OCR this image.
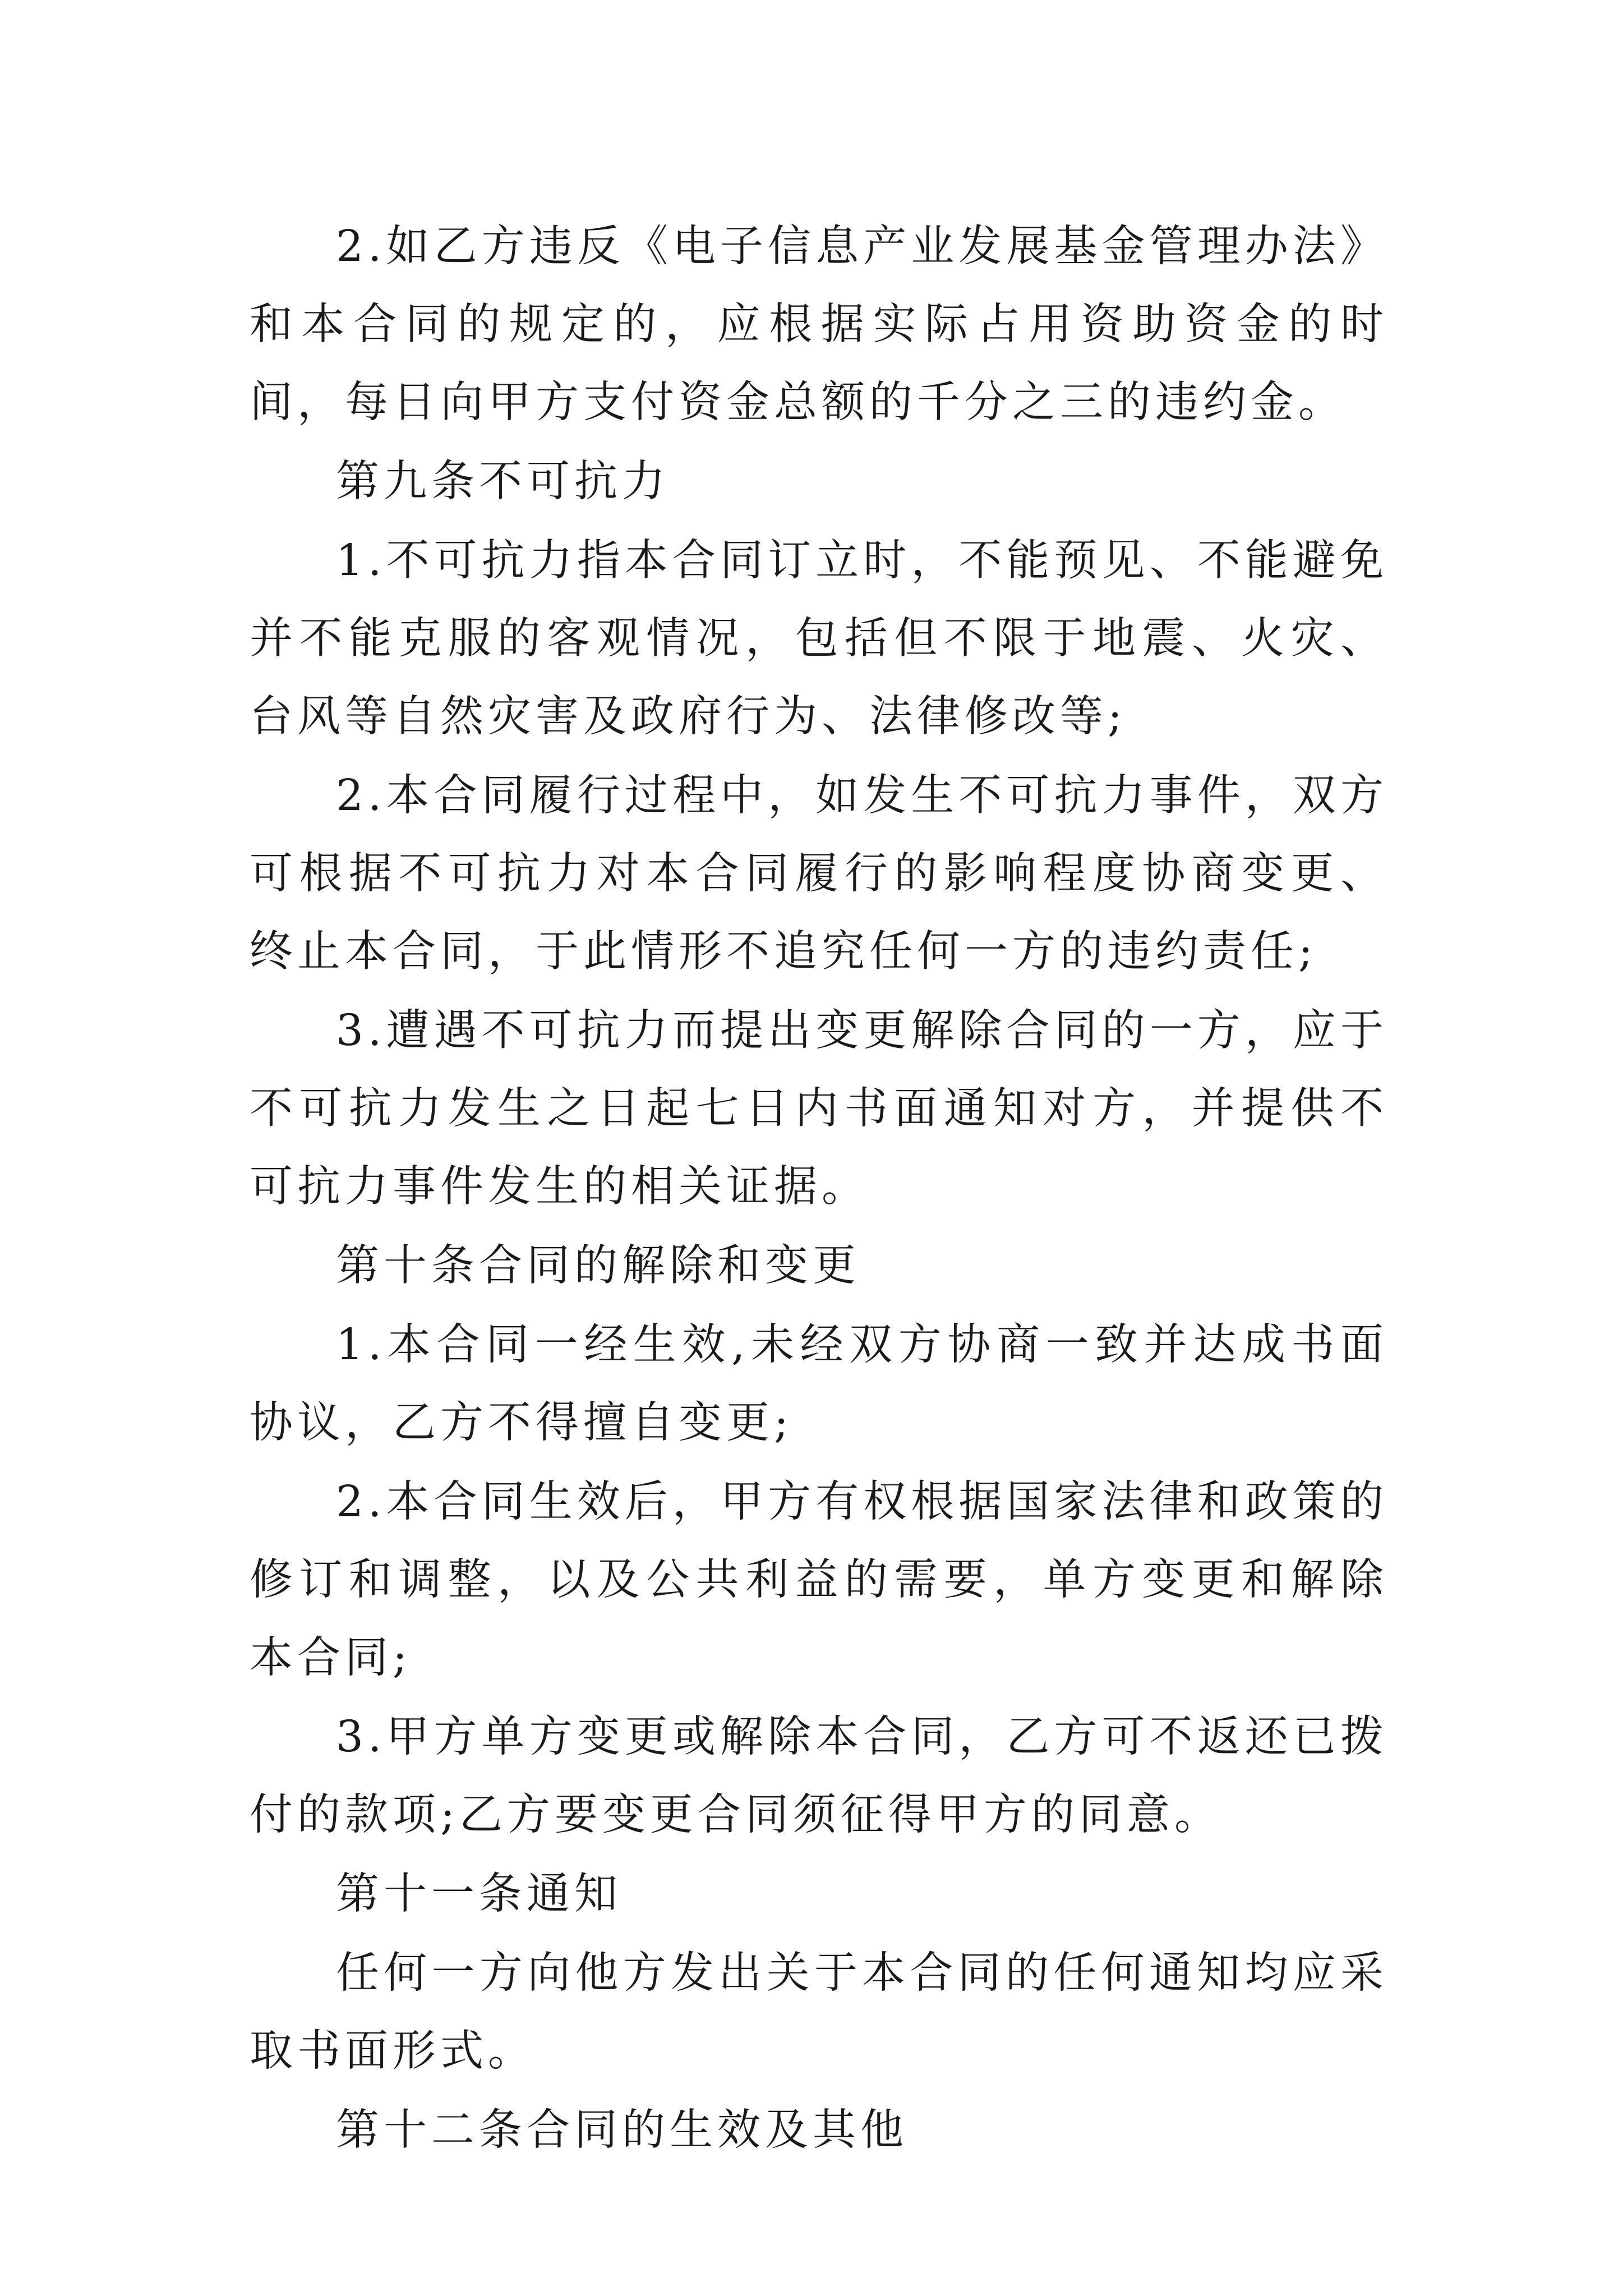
2.如乙方违反《电子信息产业发展基金管理办法》和本合同的规定的，应根据实际占用资助资金的时间，每日向甲方支付资金总额的千分之三的违约金。

第九条不可抗力

1.不可抗力指本合同订立时，不能预见、不能避免并不能克服的客观情况，包括但不限于地震、火灾、台风等自然灾害及政府行为、法律修改等;

2.本合同履行过程中，如发生不可抗力事件，双方可根据不可抗力对本合同履行的影响程度协商变更、终止本合同，于此情形不追究任何一方的违约责任;

3.遭遇不可抗力而提出变更解除合同的一方，应于不可抗力发生之日起七日内书面通知对方，并提供不可抗力事件发生的相关证据。

第十条合同的解除和变更

1.本合同一经生效,未经双方协商一致并达成书面协议，乙方不得擅自变更;

2.本合同生效后，甲方有权根据国家法律和政策的修订和调整，以及公共利益的需要，单方变更和解除本合同;

3.甲方单方变更或解除本合同，乙方可不返还已拨付的款项;乙方要变更合同须征得甲方的同意。

第十一条通知

任何一方向他方发出关于本合同的任何通知均应采取书面形式。

第十二条合同的生效及其他
